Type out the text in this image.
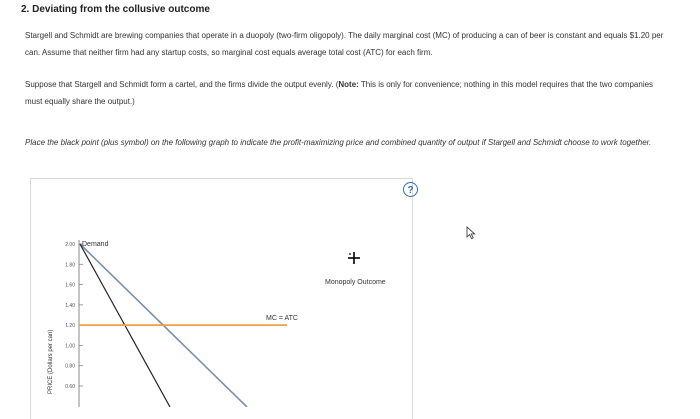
2. Deviating from the collusive outcome
Stargell and Schmidt are brewing companies that operate in a duopoly (two-firm oligopoly). The daily marginal cost (MC) of producing a can of beer is constant and equals $1.20 per can. Assume that neither firm had any startup costs, so marginal cost equals average total cost (ATC) for each firm.
Suppose that Stargell and Schmidt form a cartel, and the firms divide the output evenly. (Note: This is only for convenience; nothing in this model requires that the two companies must equally share the output.)
Place the black point (plus symbol) on the following graph to indicate the profit-maximizing price and combined quantity of output if Stargell and Schmidt choose to work together.
?
2.00
1.80
1.60
1.40
1.20
1.00
0.80
0.60
PRICE (Dollars per can)
Demand
MC = ATC
Monopoly Outcome
